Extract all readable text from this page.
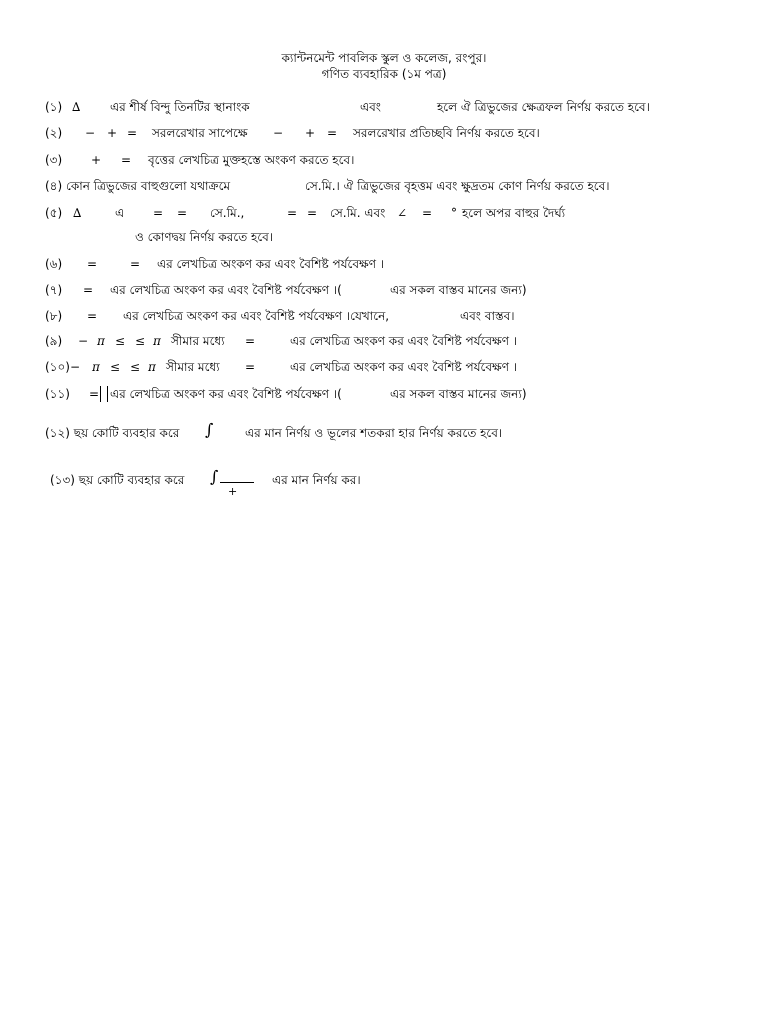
ক্যান্টনমেন্ট পাবলিক স্কুল ও কলেজ, রংপুর।
গণিত ব্যবহারিক (১ম পত্র)
(১) ∆ এর শীর্ষ বিন্দু তিনটির স্থানাংক	এবং	হলে ঐ ত্রিভুজের ক্ষেত্রফল নির্ণয় করতে হবে।
(২) − + = সরলরেখার সাপেক্ষে − + = সরলরেখার প্রতিচ্ছবি নির্ণয় করতে হবে।
(৩) + = বৃত্তের লেখচিত্র মুক্তহস্তে অংকণ করতে হবে।
(৪) কোন ত্রিভুজের বাহুগুলো যথাক্রমে	সে.মি.। ঐ ত্রিভুজের বৃহত্তম এবং ক্ষুদ্রতম কোণ নির্ণয় করতে হবে।
(৫) ∆	এ = = সে.মি.,	= = সে.মি. এবং ∠ = ° হলে অপর বাহুর দৈর্ঘ্য
ও কোণদ্বয় নির্ণয় করতে হবে।
(৬) =	= এর লেখচিত্র অংকণ কর এবং বৈশিষ্ট পর্যবেক্ষণ ।
(৭) = এর লেখচিত্র অংকণ কর এবং বৈশিষ্ট পর্যবেক্ষণ ।(	এর সকল বাস্তব মানের জন্য)
(৮) = এর লেখচিত্র অংকণ কর এবং বৈশিষ্ট পর্যবেক্ষণ ।যেখানে,	এবং বাস্তব।
(৯) − π ≤ ≤ π সীমার মধ্যে =	এর লেখচিত্র অংকণ কর এবং বৈশিষ্ট পর্যবেক্ষণ ।
(১০)− π ≤ ≤ π সীমার মধ্যে =	এর লেখচিত্র অংকণ কর এবং বৈশিষ্ট পর্যবেক্ষণ ।
(১১) = এর লেখচিত্র অংকণ কর এবং বৈশিষ্ট পর্যবেক্ষণ ।(	এর সকল বাস্তব মানের জন্য)
(১২) ছয় কোটি ব্যবহার করে ∫	এর মান নির্ণয় ও ভূলের শতকরা হার নির্ণয় করতে হবে।
(১৩) ছয় কোটি ব্যবহার করে ∫
+
এর মান নির্ণয় কর।
